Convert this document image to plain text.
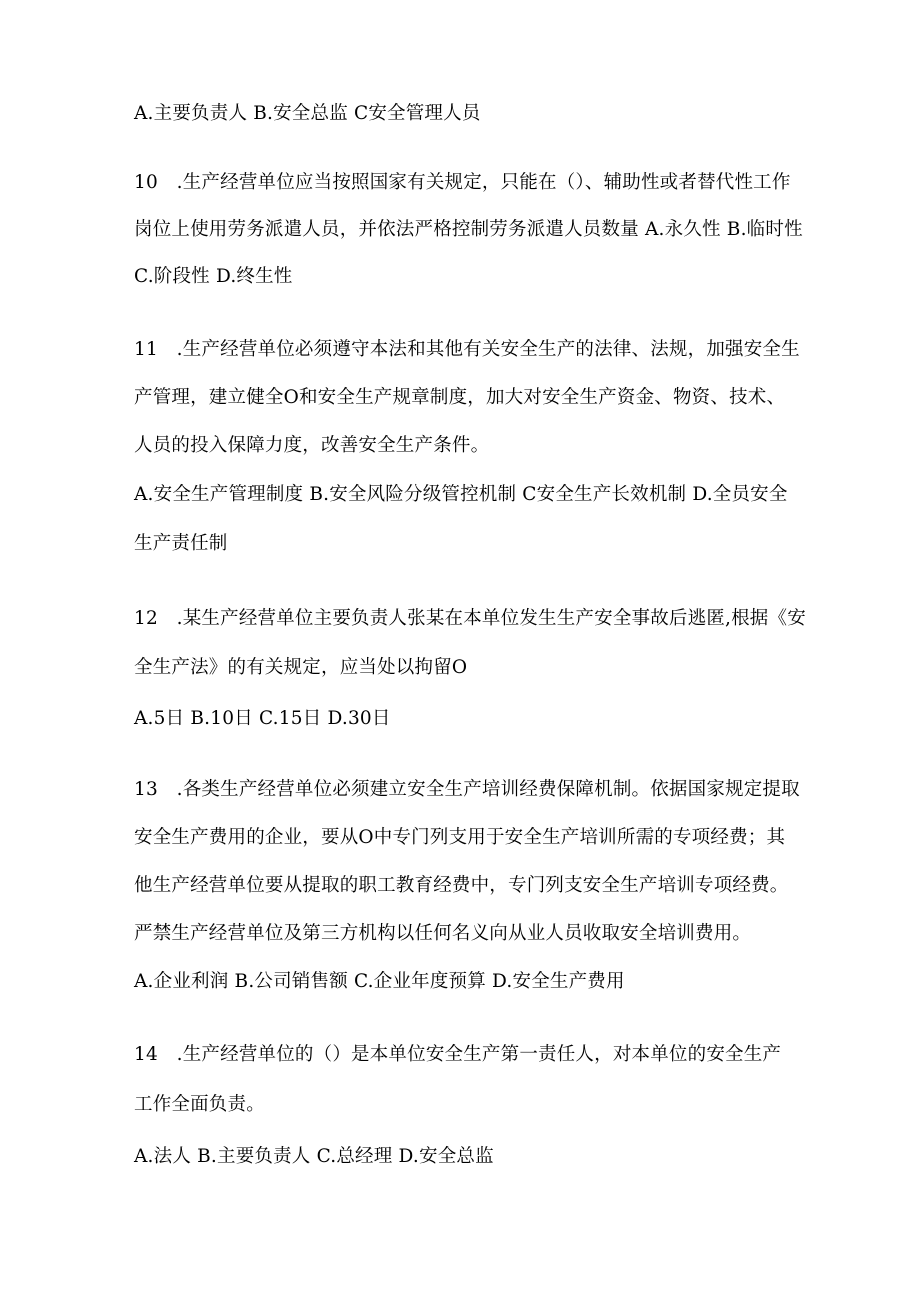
A.主要负责人 B.安全总监 C安全管理人员
10　.生产经营单位应当按照国家有关规定，只能在（）、辅助性或者替代性工作
岗位上使用劳务派遣人员，并依法严格控制劳务派遣人员数量 A.永久性 B.临时性
C.阶段性 D.终生性
11　.生产经营单位必须遵守本法和其他有关安全生产的法律、法规，加强安全生
产管理，建立健全O和安全生产规章制度，加大对安全生产资金、物资、技术、
人员的投入保障力度，改善安全生产条件。
A.安全生产管理制度 B.安全风险分级管控机制 C安全生产长效机制 D.全员安全
生产责任制
12　.某生产经营单位主要负责人张某在本单位发生生产安全事故后逃匿,根据《安
全生产法》的有关规定，应当处以拘留O
A.5日 B.10日 C.15日 D.30日
13　.各类生产经营单位必须建立安全生产培训经费保障机制。依据国家规定提取
安全生产费用的企业，要从O中专门列支用于安全生产培训所需的专项经费；其
他生产经营单位要从提取的职工教育经费中，专门列支安全生产培训专项经费。
严禁生产经营单位及第三方机构以任何名义向从业人员收取安全培训费用。
A.企业利润 B.公司销售额 C.企业年度预算 D.安全生产费用
14　.生产经营单位的（）是本单位安全生产第一责任人，对本单位的安全生产
工作全面负责。
A.法人 B.主要负责人 C.总经理 D.安全总监
